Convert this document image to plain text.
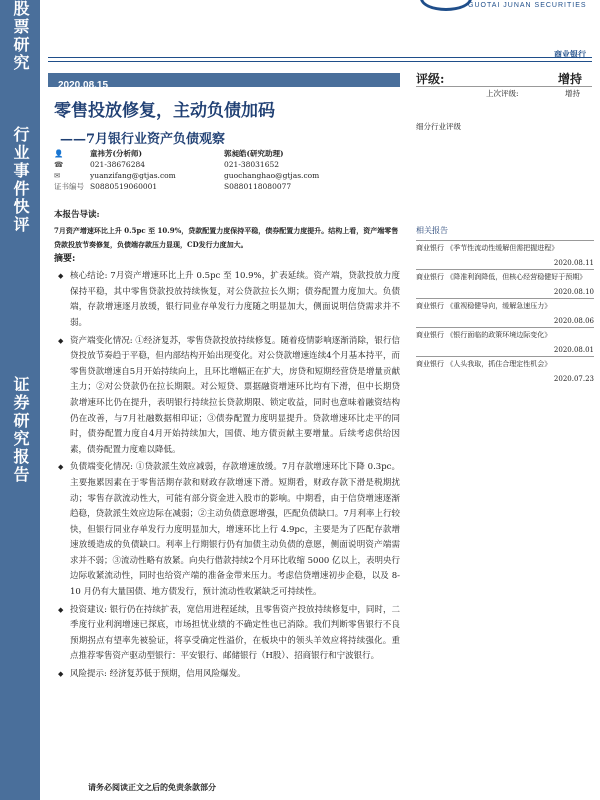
股票研究
行业事件快评
证券研究报告
GUOTAI JUNAN SECURITIES
商业银行
2020.08.15
零售投放修复，主动负债加码
——7月银行业资产负债观察
👤	童祎芳(分析师)	郭昶皓(研究助理)
☎	021-38676284	021-38031652
✉	yuanzifang@gtjas.com	guochanghao@gtjas.com
证书编号 S0880519060001	S0880118080077
评级:	增持
上次评级:	增持
细分行业评级
相关报告
商业银行 《季节性流动性缓解但需把握进程》
2020.08.11
商业银行 《降准利润降低，但核心经营稳健好于预期》
2020.08.10
商业银行 《重视稳健导向，缓解急速压力》
2020.08.06
商业银行 《银行面临的政策环境边际变化》
2020.08.01
商业银行 《人头我取，抓住合理定性机会》
2020.07.23
本报告导读:
7月资产增速环比上升 0.5pc 至 10.9%，贷款配置力度保持平稳，债券配置力度提升。结构上看，资产端零售贷款投放节奏修复，负债端存款压力显现，CD发行力度加大。
摘要:
◆ 核心结论: 7月资产增速环比上升 0.5pc 至 10.9%，扩表延续。资产端，贷款投放力度保持平稳，其中零售贷款投放持续恢复，对公贷款拉长久期；债券配置力度加大。负债端，存款增速逐月放缓，银行同业存单发行力度随之明显加大，侧面说明信贷需求并不弱。
◆ 资产端变化情况: ①经济复苏，零售贷款投放持续修复。随着疫情影响逐渐消除，银行信贷投放节奏趋于平稳，但内部结构开始出现变化。对公贷款增速连续4个月基本持平，而零售贷款增速自5月开始持续向上，且环比增幅正在扩大，房贷和短期经营贷是增量贡献主力；②对公贷款仍在拉长期限。对公短贷、票据融资增速环比均有下滑，但中长期贷款增速环比仍在提升，表明银行持续拉长贷款期限、锁定收益，同时也意味着融资结构仍在改善，与7月社融数据相印证；③债券配置力度明显提升。贷款增速环比走平的同时，债券配置力度自4月开始持续加大，国债、地方债贡献主要增量。后续考虑供给因素，债券配置力度难以降低。
◆ 负债端变化情况: ①贷款派生效应减弱，存款增速放缓。7月存款增速环比下降 0.3pc。主要拖累因素在于零售活期存款和财政存款增速下滑。短期看，财政存款下滑是税期扰动；零售存款流动性大，可能有部分资金进入股市的影响。中期看，由于信贷增速逐渐趋稳，贷款派生效应边际在减弱；②主动负债意愿增强，匹配负债缺口。7月利率上行较快，但银行同业存单发行力度明显加大，增速环比上行 4.9pc，主要是为了匹配存款增速放缓造成的负债缺口。利率上行期银行仍有加债主动负债的意愿，侧面说明资产端需求并不弱；③流动性略有放紧。向央行借款持续2个月环比收缩 5000 亿以上，表明央行边际收紧流动性，同时也给资产端的准备金带来压力。考虑信贷增速初步企稳，以及 8-10 月仍有大量国债、地方债发行，预计流动性收紧缺乏可持续性。
◆ 投资建议: 银行仍在持续扩表，宽信用进程延续，且零售资产投放持续修复中，同时，二季度行业利润增速已探底，市场担忧业绩的不确定性也已消除。我们判断零售银行不良预期拐点有望率先被验证，将享受确定性溢价，在板块中的领头羊效应将持续强化。重点推荐零售资产驱动型银行：平安银行、邮储银行（H股）、招商银行和宁波银行。
◆ 风险提示: 经济复苏低于预期，信用风险爆发。
请务必阅读正文之后的免责条款部分
